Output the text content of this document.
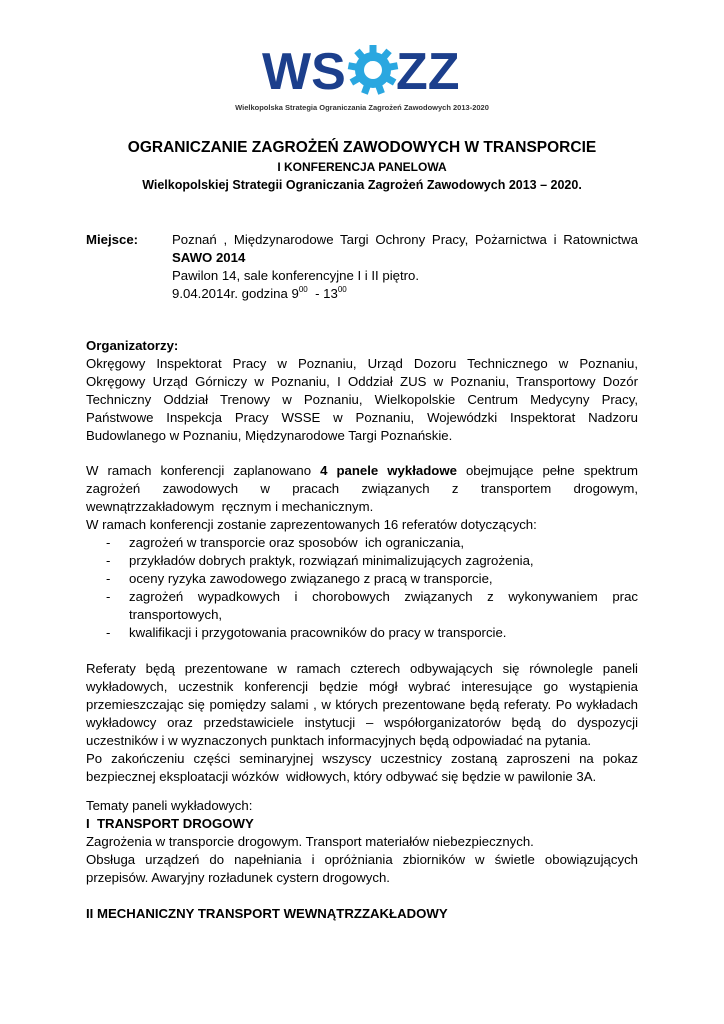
WS ZZ
Wielkopolska Strategia Ograniczania Zagrożeń Zawodowych 2013-2020
OGRANICZANIE ZAGROŻEŃ ZAWODOWYCH W TRANSPORCIE
I KONFERENCJA PANELOWA
Wielkopolskiej Strategii Ograniczania Zagrożeń Zawodowych 2013 – 2020.
Miejsce:	Poznań , Międzynarodowe Targi Ochrony Pracy, Pożarnictwa i Ratownictwa
SAWO 2014
Pawilon 14, sale konferencyjne I i II piętro.
9.04.2014r. godzina $9^{00} - 13^{00}$
Organizatorzy:
Okręgowy Inspektorat Pracy w Poznaniu, Urząd Dozoru Technicznego w Poznaniu,
Okręgowy Urząd Górniczy w Poznaniu, I Oddział ZUS w Poznaniu, Transportowy Dozór
Techniczny Oddział Trenowy w Poznaniu, Wielkopolskie Centrum Medycyny Pracy,
Państwowe Inspekcja Pracy WSSE w Poznaniu, Wojewódzki Inspektorat Nadzoru
Budowlanego w Poznaniu, Międzynarodowe Targi Poznańskie.
W ramach konferencji zaplanowano 4 panele wykładowe obejmujące pełne spektrum
zagrożeń zawodowych w pracach związanych z transportem drogowym,
wewnątrzzakładowym  ręcznym i mechanicznym.
W ramach konferencji zostanie zaprezentowanych 16 referatów dotyczących:
- zagrożeń w transporcie oraz sposobów  ich ograniczania,
- przykładów dobrych praktyk, rozwiązań minimalizujących zagrożenia,
- oceny ryzyka zawodowego związanego z pracą w transporcie,
- zagrożeń wypadkowych i chorobowych związanych z wykonywaniem prac
transportowych,
- kwalifikacji i przygotowania pracowników do pracy w transporcie.
Referaty będą prezentowane w ramach czterech odbywających się równolegle paneli
wykładowych, uczestnik konferencji będzie mógł wybrać interesujące go wystąpienia
przemieszczając się pomiędzy salami , w których prezentowane będą referaty. Po wykładach
wykładowcy oraz przedstawiciele instytucji – współorganizatorów będą do dyspozycji
uczestników i w wyznaczonych punktach informacyjnych będą odpowiadać na pytania.
Po zakończeniu części seminaryjnej wszyscy uczestnicy zostaną zaproszeni na pokaz
bezpiecznej eksploatacji wózków  widłowych, który odbywać się będzie w pawilonie 3A.
Tematy paneli wykładowych:
I  TRANSPORT DROGOWY
Zagrożenia w transporcie drogowym. Transport materiałów niebezpiecznych.
Obsługa urządzeń do napełniania i opróżniania zbiorników w świetle obowiązujących
przepisów. Awaryjny rozładunek cystern drogowych.
II MECHANICZNY TRANSPORT WEWNĄTRZZAKŁADOWY
